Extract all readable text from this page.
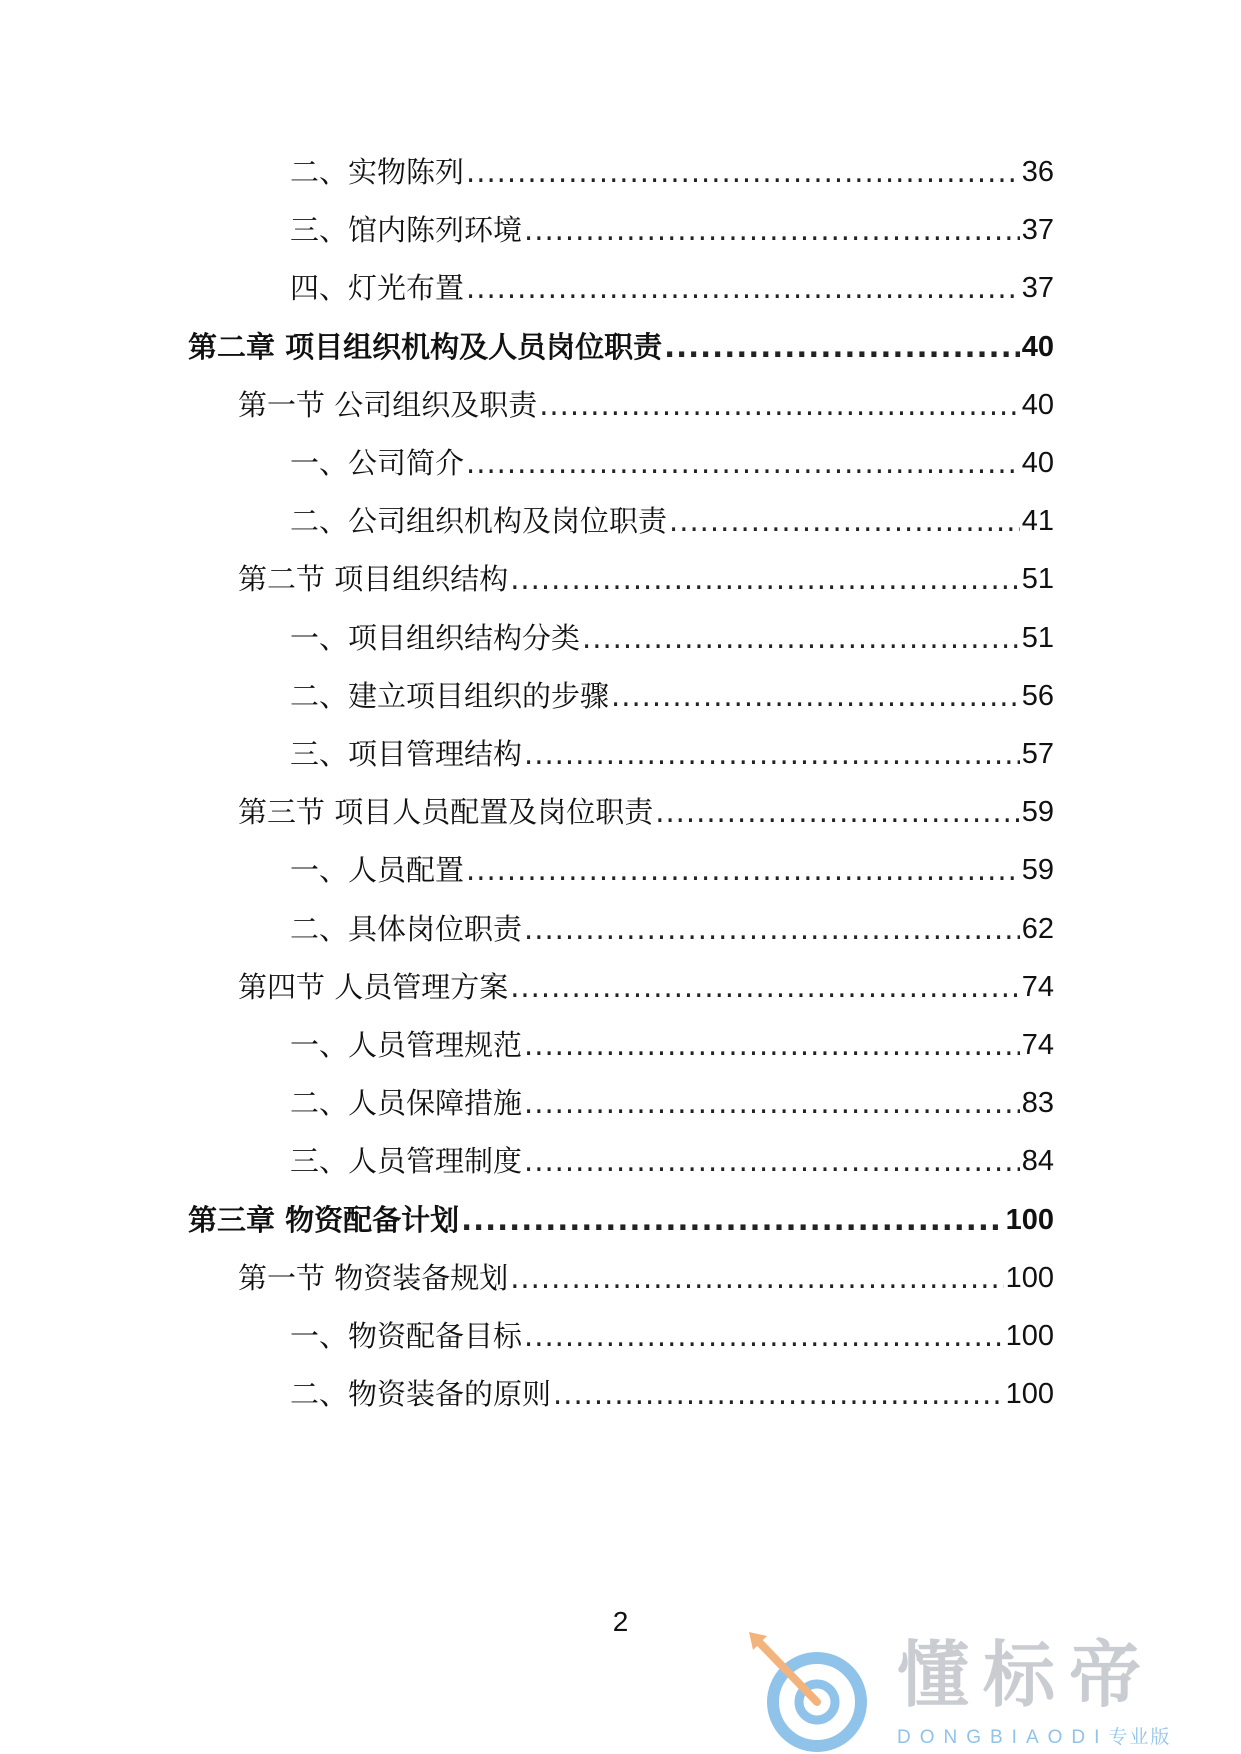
二、实物陈列 .....	36
三、馆内陈列环境 .....	37
四、灯光布置 .....	37
第二章 项目组织机构及人员岗位职责 .....	40
第一节 公司组织及职责 .....	40
一、公司简介 .....	40
二、公司组织机构及岗位职责 .....	41
第二节 项目组织结构 .....	51
一、项目组织结构分类 .....	51
二、建立项目组织的步骤 .....	56
三、项目管理结构 .....	57
第三节 项目人员配置及岗位职责 .....	59
一、人员配置 .....	59
二、具体岗位职责 .....	62
第四节 人员管理方案 .....	74
一、人员管理规范 .....	74
二、人员保障措施 .....	83
三、人员管理制度 .....	84
第三章 物资配备计划 .....	100
第一节 物资装备规划 .....	100
一、物资配备目标 .....	100
二、物资装备的原则 .....	100
2
懂标帝
DONGBIAODI专业版
